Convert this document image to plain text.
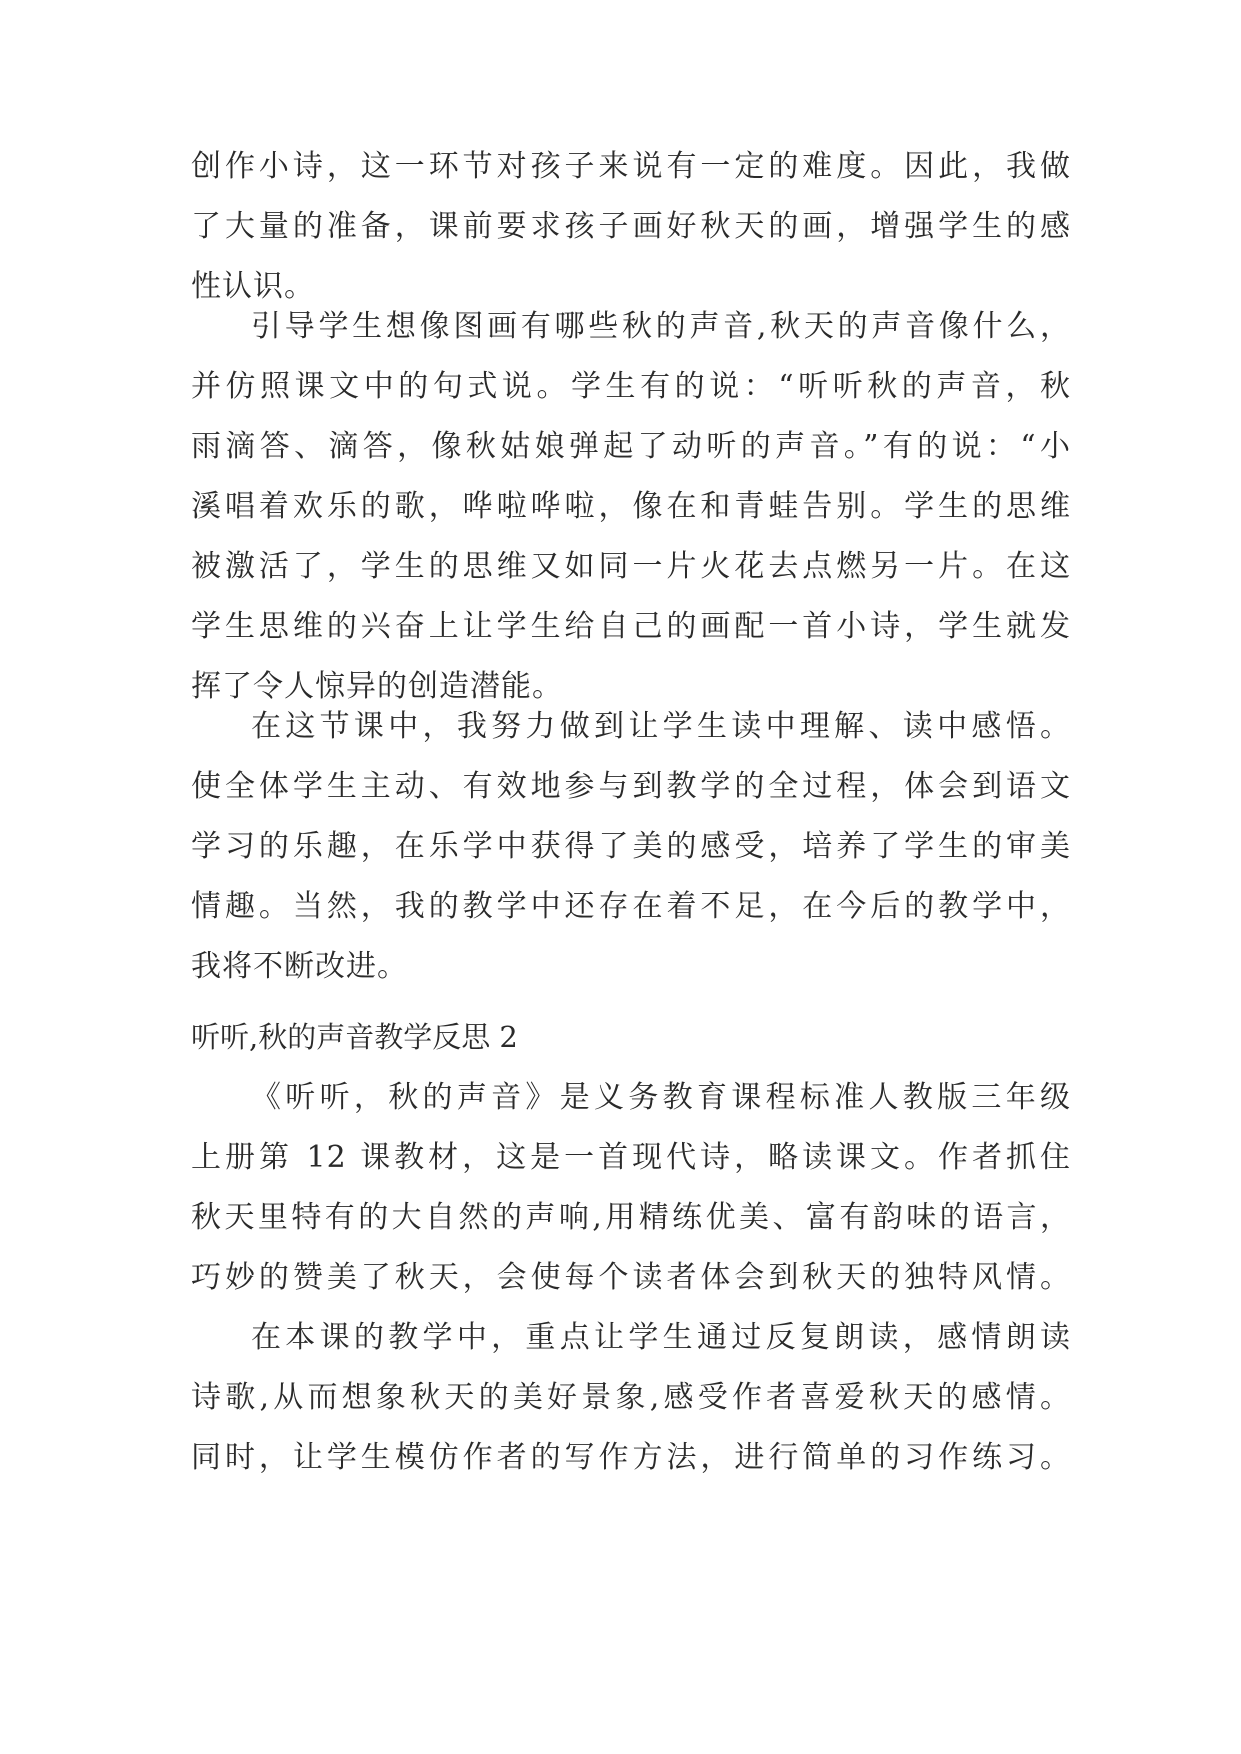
创作小诗，这一环节对孩子来说有一定的难度。因此，我做
了大量的准备，课前要求孩子画好秋天的画，增强学生的感
性认识。
引导学生想像图画有哪些秋的声音,秋天的声音像什么，
并仿照课文中的句式说。学生有的说：“听听秋的声音，秋
雨滴答、滴答，像秋姑娘弹起了动听的声音。”有的说：“小
溪唱着欢乐的歌，哗啦哗啦，像在和青蛙告别。学生的思维
被激活了，学生的思维又如同一片火花去点燃另一片。在这
学生思维的兴奋上让学生给自己的画配一首小诗，学生就发
挥了令人惊异的创造潜能。
在这节课中，我努力做到让学生读中理解、读中感悟。
使全体学生主动、有效地参与到教学的全过程，体会到语文
学习的乐趣，在乐学中获得了美的感受，培养了学生的审美
情趣。当然，我的教学中还存在着不足，在今后的教学中，
我将不断改进。
听听,秋的声音教学反思 2
《听听，秋的声音》是义务教育课程标准人教版三年级
上册第 12 课教材，这是一首现代诗，略读课文。作者抓住
秋天里特有的大自然的声响,用精练优美、富有韵味的语言，
巧妙的赞美了秋天，会使每个读者体会到秋天的独特风情。
在本课的教学中，重点让学生通过反复朗读，感情朗读
诗歌,从而想象秋天的美好景象,感受作者喜爱秋天的感情。
同时，让学生模仿作者的写作方法，进行简单的习作练习。
